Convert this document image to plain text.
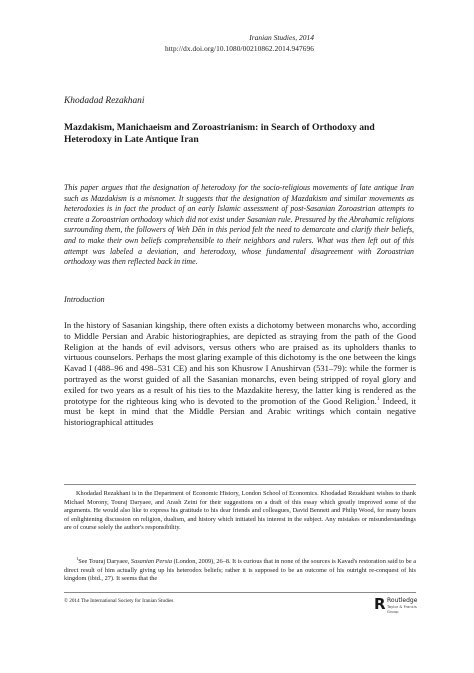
Iranian Studies, 2014
http://dx.doi.org/10.1080/00210862.2014.947696
Khodadad Rezakhani
Mazdakism, Manichaeism and Zoroastrianism: in Search of Orthodoxy and Heterodoxy in Late Antique Iran
This paper argues that the designation of heterodoxy for the socio-religious movements of late antique Iran such as Mazdakism is a misnomer. It suggests that the designation of Mazdakism and similar movements as heterodoxies is in fact the product of an early Islamic assessment of post-Sasanian Zoroastrian attempts to create a Zoroastrian orthodoxy which did not exist under Sasanian rule. Pressured by the Abrahamic religions surrounding them, the followers of Weh Dēn in this period felt the need to demarcate and clarify their beliefs, and to make their own beliefs comprehensible to their neighbors and rulers. What was then left out of this attempt was labeled a deviation, and heterodoxy, whose fundamental disagreement with Zoroastrian orthodoxy was then reflected back in time.
Introduction
In the history of Sasanian kingship, there often exists a dichotomy between monarchs who, according to Middle Persian and Arabic historiographies, are depicted as straying from the path of the Good Religion at the hands of evil advisors, versus others who are praised as its upholders thanks to virtuous counselors. Perhaps the most glaring example of this dichotomy is the one between the kings Kavad I (488–96 and 498–531 CE) and his son Khusrow I Anushirvan (531–79): while the former is portrayed as the worst guided of all the Sasanian monarchs, even being stripped of royal glory and exiled for two years as a result of his ties to the Mazdakite heresy, the latter king is rendered as the prototype for the righteous king who is devoted to the promotion of the Good Religion.$^1$ Indeed, it must be kept in mind that the Middle Persian and Arabic writings which contain negative historiographical attitudes
Khodadad Rezakhani is in the Department of Economic History, London School of Economics. Khodadad Rezakhani wishes to thank Michael Morony, Touraj Daryaee, and Arash Zeini for their suggestions on a draft of this essay which greatly improved some of the arguments. He would also like to express his gratitude to his dear friends and colleagues, David Bennett and Philip Wood, for many hours of enlightening discussion on religion, dualism, and history which initiated his interest in the subject. Any mistakes or misunderstandings are of course solely the author's responsibility.
$^1$See Touraj Daryaee, Sasanian Persia (London, 2009), 26–8. It is curious that in none of the sources is Kavad's restoration said to be a direct result of him actually giving up his heterodox beliefs; rather it is supposed to be an outcome of his outright re-conquest of his kingdom (ibid., 27). It seems that the
© 2014 The International Society for Iranian Studies	R Routledge
Taylor & Francis Group
